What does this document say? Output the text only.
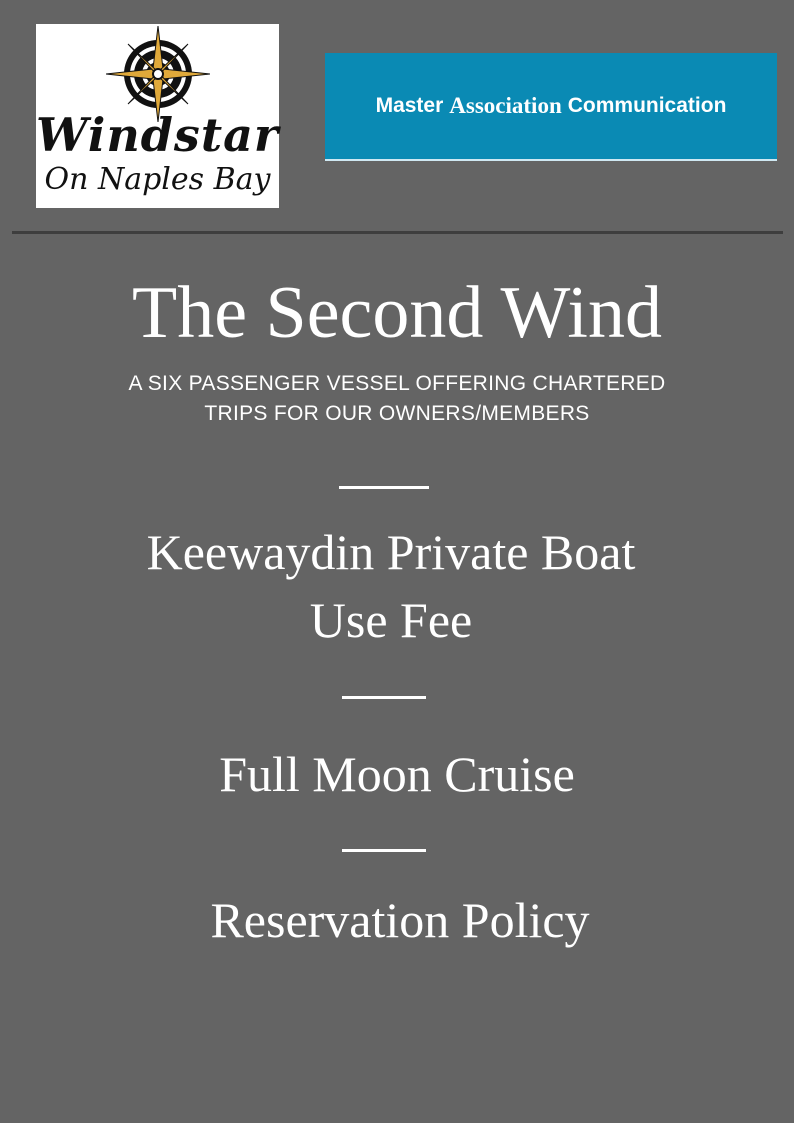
Windstar
On Naples Bay
Master Association Communication
The Second Wind
A SIX PASSENGER VESSEL OFFERING CHARTERED
TRIPS FOR OUR OWNERS/MEMBERS
Keewaydin Private Boat
Use Fee
Full Moon Cruise
Reservation Policy
